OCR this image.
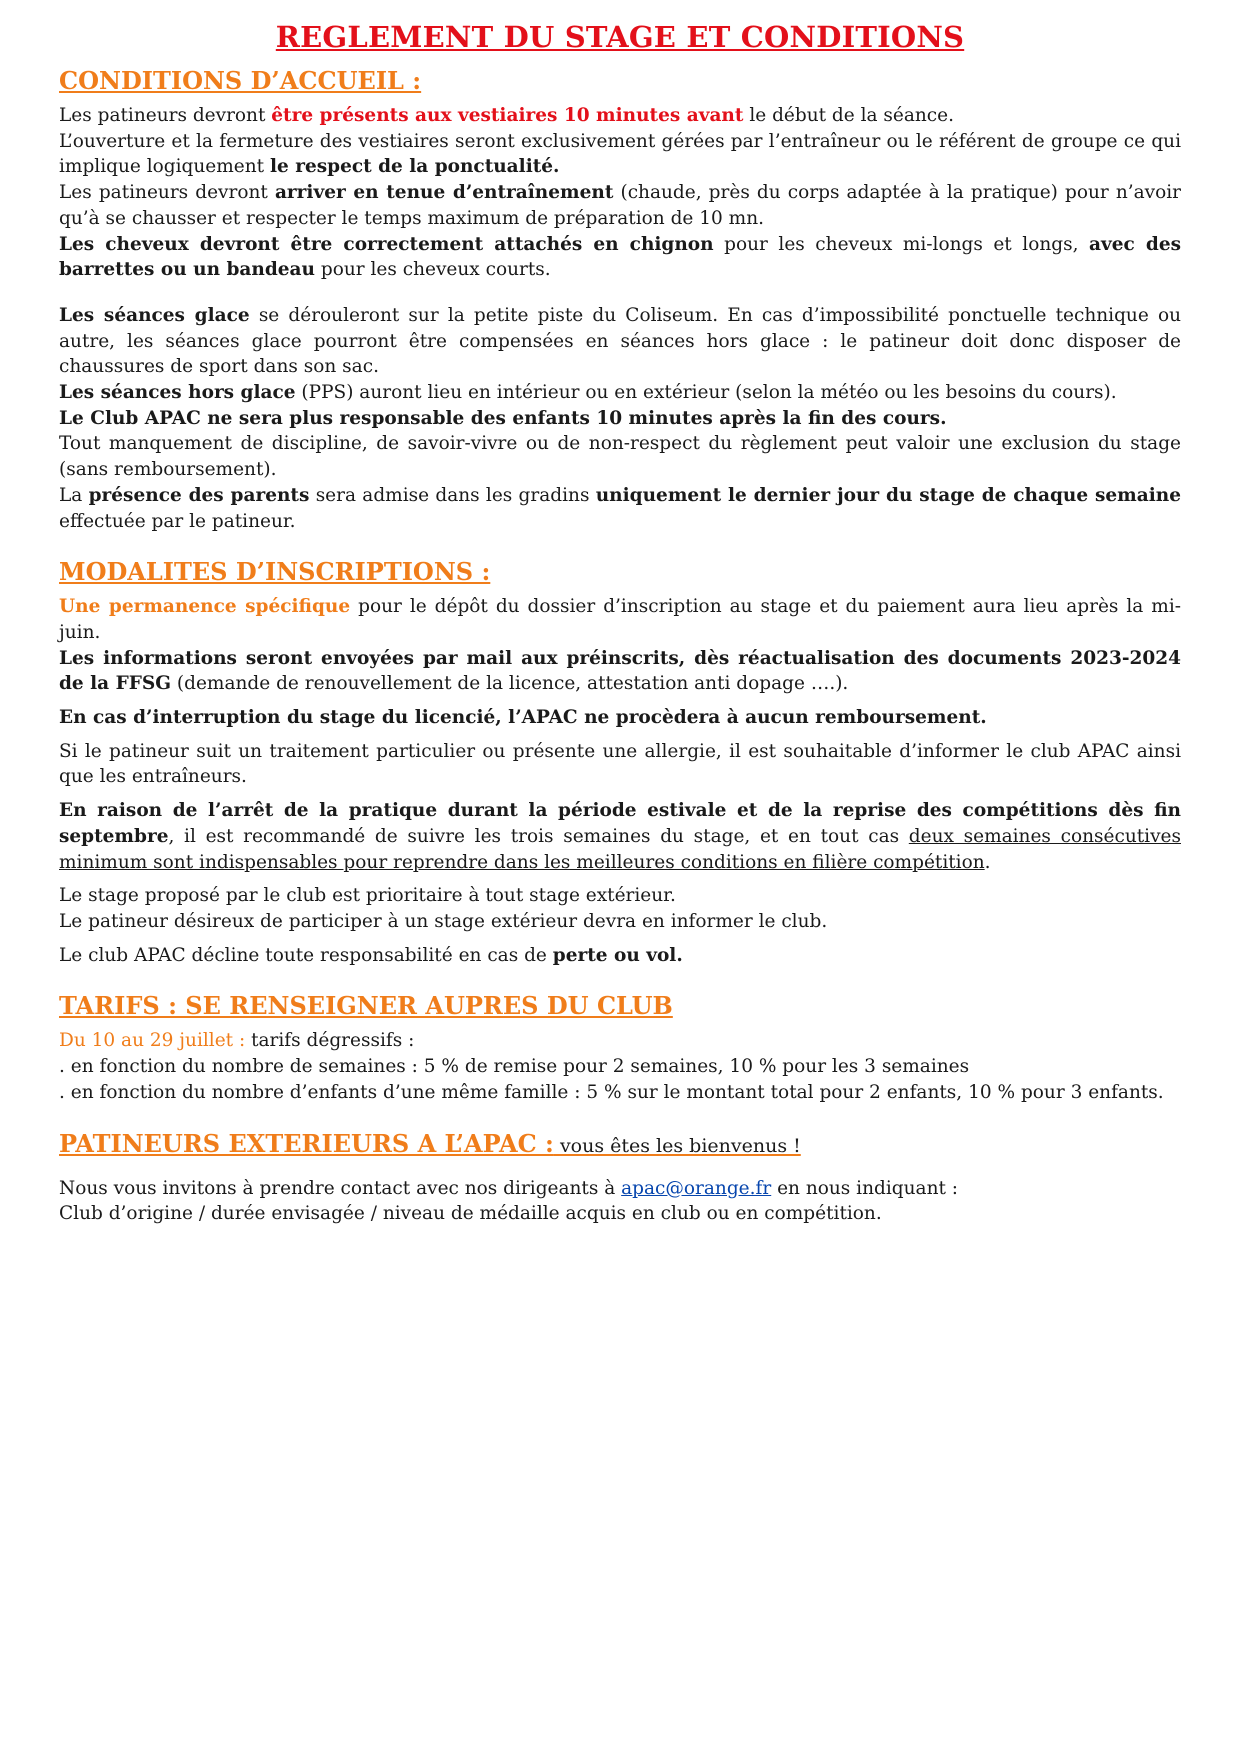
REGLEMENT DU STAGE ET CONDITIONS
CONDITIONS D’ACCUEIL :

Les patineurs devront être présents aux vestiaires 10 minutes avant le début de la séance.

L’ouverture et la fermeture des vestiaires seront exclusivement gérées par l’entraîneur ou le référent de groupe ce qui implique logiquement le respect de la ponctualité.

Les patineurs devront arriver en tenue d’entraînement (chaude, près du corps adaptée à la pratique) pour n’avoir qu’à se chausser et respecter le temps maximum de préparation de 10 mn.

Les cheveux devront être correctement attachés en chignon pour les cheveux mi-longs et longs, avec des barrettes ou un bandeau pour les cheveux courts.

Les séances glace se dérouleront sur la petite piste du Coliseum. En cas d’impossibilité ponctuelle technique ou autre, les séances glace pourront être compensées en séances hors glace : le patineur doit donc disposer de chaussures de sport dans son sac.

Les séances hors glace (PPS) auront lieu en intérieur ou en extérieur (selon la météo ou les besoins du cours).

Le Club APAC ne sera plus responsable des enfants 10 minutes après la fin des cours.

Tout manquement de discipline, de savoir-vivre ou de non-respect du règlement peut valoir une exclusion du stage (sans remboursement).

La présence des parents sera admise dans les gradins uniquement le dernier jour du stage de chaque semaine effectuée par le patineur.

MODALITES D’INSCRIPTIONS :

Une permanence spécifique pour le dépôt du dossier d’inscription au stage et du paiement aura lieu après la mi-juin.

Les informations seront envoyées par mail aux préinscrits, dès réactualisation des documents 2023-2024 de la FFSG (demande de renouvellement de la licence, attestation anti dopage ….).

En cas d’interruption du stage du licencié, l’APAC ne procèdera à aucun remboursement.

Si le patineur suit un traitement particulier ou présente une allergie, il est souhaitable d’informer le club APAC ainsi que les entraîneurs.

En raison de l’arrêt de la pratique durant la période estivale et de la reprise des compétitions dès fin septembre, il est recommandé de suivre les trois semaines du stage, et en tout cas deux semaines consécutives minimum sont indispensables pour reprendre dans les meilleures conditions en filière compétition.

Le stage proposé par le club est prioritaire à tout stage extérieur.

Le patineur désireux de participer à un stage extérieur devra en informer le club.

Le club APAC décline toute responsabilité en cas de perte ou vol.

TARIFS : SE RENSEIGNER AUPRES DU CLUB

Du 10 au 29 juillet : tarifs dégressifs :

. en fonction du nombre de semaines : 5 % de remise pour 2 semaines, 10 % pour les 3 semaines

. en fonction du nombre d’enfants d’une même famille : 5 % sur le montant total pour 2 enfants, 10 % pour 3 enfants.

PATINEURS EXTERIEURS A L’APAC : vous êtes les bienvenus !

Nous vous invitons à prendre contact avec nos dirigeants à apac@orange.fr en nous indiquant :

Club d’origine / durée envisagée / niveau de médaille acquis en club ou en compétition.
